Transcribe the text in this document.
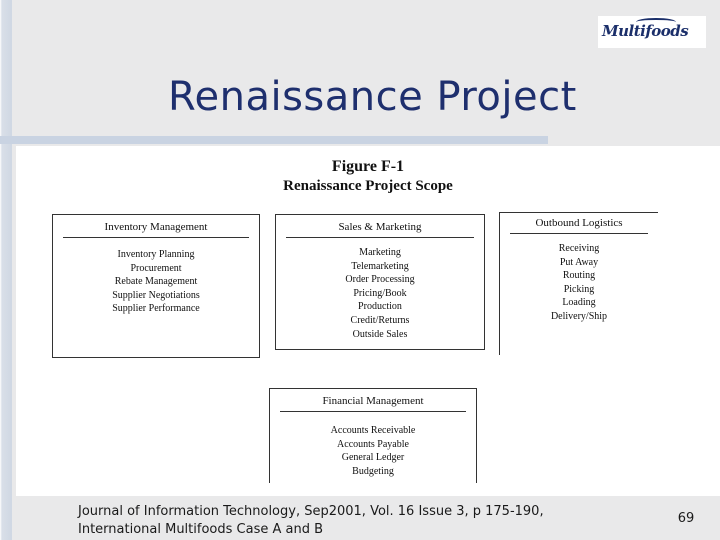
Multifoods
Renaissance Project
Figure F-1
Renaissance Project Scope
Inventory Management
Inventory Planning
Procurement
Rebate Management
Supplier Negotiations
Supplier Performance
Sales & Marketing
Marketing
Telemarketing
Order Processing
Pricing/Book
Production
Credit/Returns
Outside Sales
Outbound Logistics
Receiving
Put Away
Routing
Picking
Loading
Delivery/Ship
Financial Management
Accounts Receivable
Accounts Payable
General Ledger
Budgeting
Journal of Information Technology, Sep2001, Vol. 16 Issue 3, p 175-190, International Multifoods Case A and B
69
